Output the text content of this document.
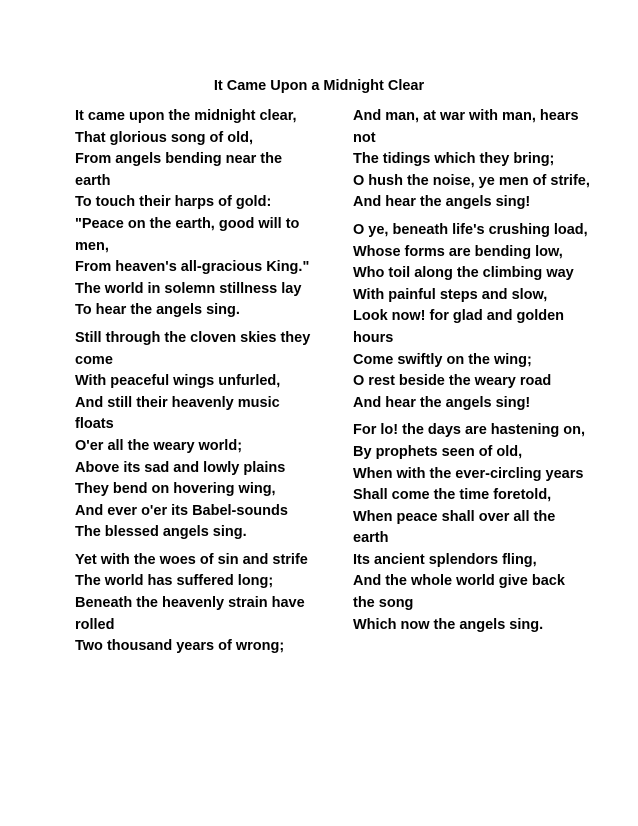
It Came Upon a Midnight Clear
It came upon the midnight clear,
That glorious song of old,
From angels bending near the
earth
To touch their harps of gold:
"Peace on the earth, good will to
men,
From heaven's all-gracious King."
The world in solemn stillness lay
To hear the angels sing.
Still through the cloven skies they
come
With peaceful wings unfurled,
And still their heavenly music
floats
O'er all the weary world;
Above its sad and lowly plains
They bend on hovering wing,
And ever o'er its Babel-sounds
The blessed angels sing.
Yet with the woes of sin and strife
The world has suffered long;
Beneath the heavenly strain have
rolled
Two thousand years of wrong;
And man, at war with man, hears
not
The tidings which they bring;
O hush the noise, ye men of strife,
And hear the angels sing!
O ye, beneath life's crushing load,
Whose forms are bending low,
Who toil along the climbing way
With painful steps and slow,
Look now! for glad and golden
hours
Come swiftly on the wing;
O rest beside the weary road
And hear the angels sing!
For lo! the days are hastening on,
By prophets seen of old,
When with the ever-circling years
Shall come the time foretold,
When peace shall over all the
earth
Its ancient splendors fling,
And the whole world give back
the song
Which now the angels sing.
